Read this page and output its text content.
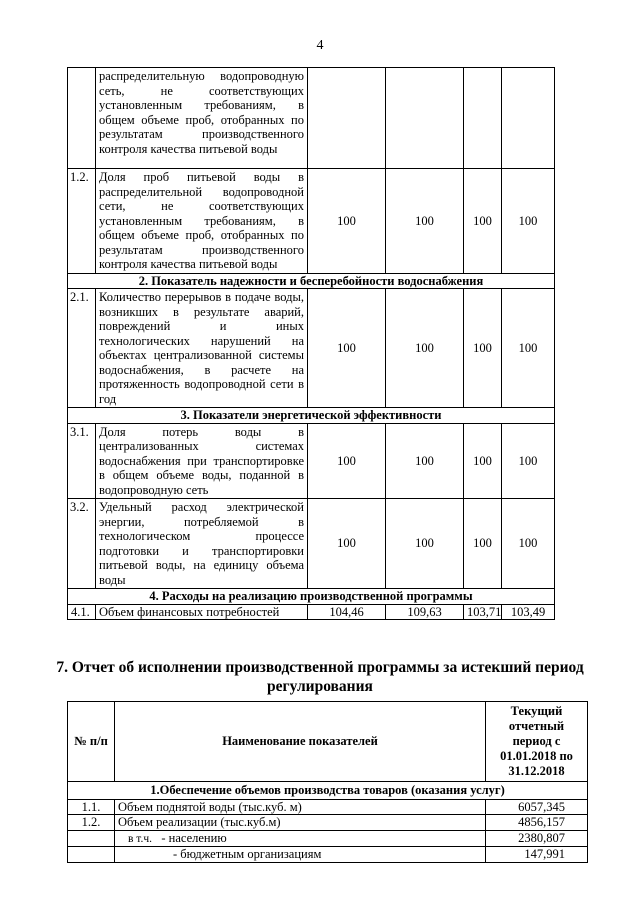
4
	распределительную водопроводную сеть, не соответствующих установленным требованиям, в общем объеме проб, отобранных по результатам производственного контроля качества питьевой воды				
1.2.	Доля проб питьевой воды в распределительной водопроводной сети, не соответствующих установленным требованиям, в общем объеме проб, отобранных по результатам производственного контроля качества питьевой воды	100	100	100	100
2. Показатель надежности и бесперебойности водоснабжения					
2.1.	Количество перерывов в подаче воды, возникших в результате аварий, повреждений и иных технологических нарушений на объектах централизованной системы водоснабжения, в расчете на протяженность водопроводной сети в год	100	100	100	100
3. Показатели энергетической эффективности					
3.1.	Доля потерь воды в централизованных системах водоснабжения при транспортировке в общем объеме воды, поданной в водопроводную сеть	100	100	100	100
3.2.	Удельный расход электрической энергии, потребляемой в технологическом процессе подготовки и транспортировки питьевой воды, на единицу объема воды	100	100	100	100
4. Расходы на реализацию производственной программы					
4.1.	Объем финансовых потребностей	104,46	109,63	103,71	103,49
7. Отчет об исполнении производственной программы за истекший период регулирования
№ п/п	Наименование показателей	Текущий отчетный период с 01.01.2018 по 31.12.2018
1.Обеспечение объемов производства товаров (оказания услуг)		
1.1.	Объем поднятой воды (тыс.куб. м)	6057,345
1.2.	Объем реализации (тыс.куб.м)	4856,157
	в т.ч. - населению	2380,807
	- бюджетным организациям	147,991
